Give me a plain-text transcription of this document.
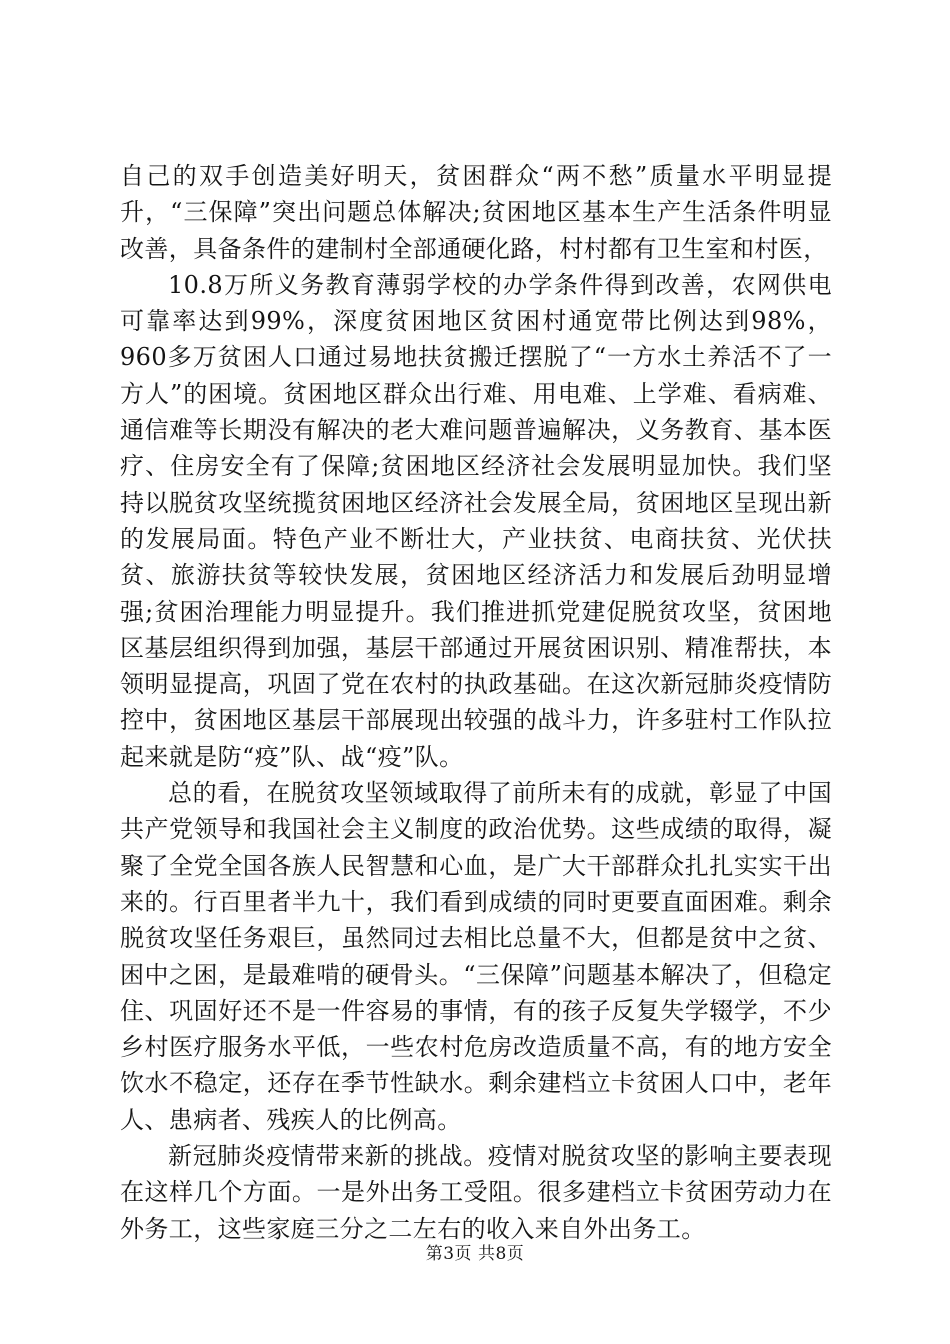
自己的双手创造美好明天，贫困群众“两不愁”质量水平明显提升，“三保障”突出问题总体解决;贫困地区基本生产生活条件明显改善，具备条件的建制村全部通硬化路，村村都有卫生室和村医，

10.8万所义务教育薄弱学校的办学条件得到改善，农网供电可靠率达到99%，深度贫困地区贫困村通宽带比例达到98%，960多万贫困人口通过易地扶贫搬迁摆脱了“一方水土养活不了一方人”的困境。贫困地区群众出行难、用电难、上学难、看病难、通信难等长期没有解决的老大难问题普遍解决，义务教育、基本医疗、住房安全有了保障;贫困地区经济社会发展明显加快。我们坚持以脱贫攻坚统揽贫困地区经济社会发展全局，贫困地区呈现出新的发展局面。特色产业不断壮大，产业扶贫、电商扶贫、光伏扶贫、旅游扶贫等较快发展，贫困地区经济活力和发展后劲明显增强;贫困治理能力明显提升。我们推进抓党建促脱贫攻坚，贫困地区基层组织得到加强，基层干部通过开展贫困识别、精准帮扶，本领明显提高，巩固了党在农村的执政基础。在这次新冠肺炎疫情防控中，贫困地区基层干部展现出较强的战斗力，许多驻村工作队拉起来就是防“疫”队、战“疫”队。

总的看，在脱贫攻坚领域取得了前所未有的成就，彰显了中国共产党领导和我国社会主义制度的政治优势。这些成绩的取得，凝聚了全党全国各族人民智慧和心血，是广大干部群众扎扎实实干出来的。行百里者半九十，我们看到成绩的同时更要直面困难。剩余脱贫攻坚任务艰巨，虽然同过去相比总量不大，但都是贫中之贫、困中之困，是最难啃的硬骨头。“三保障”问题基本解决了，但稳定住、巩固好还不是一件容易的事情，有的孩子反复失学辍学，不少乡村医疗服务水平低，一些农村危房改造质量不高，有的地方安全饮水不稳定，还存在季节性缺水。剩余建档立卡贫困人口中，老年人、患病者、残疾人的比例高。

新冠肺炎疫情带来新的挑战。疫情对脱贫攻坚的影响主要表现在这样几个方面。一是外出务工受阻。很多建档立卡贫困劳动力在外务工，这些家庭三分之二左右的收入来自外出务工。

第3页 共8页
